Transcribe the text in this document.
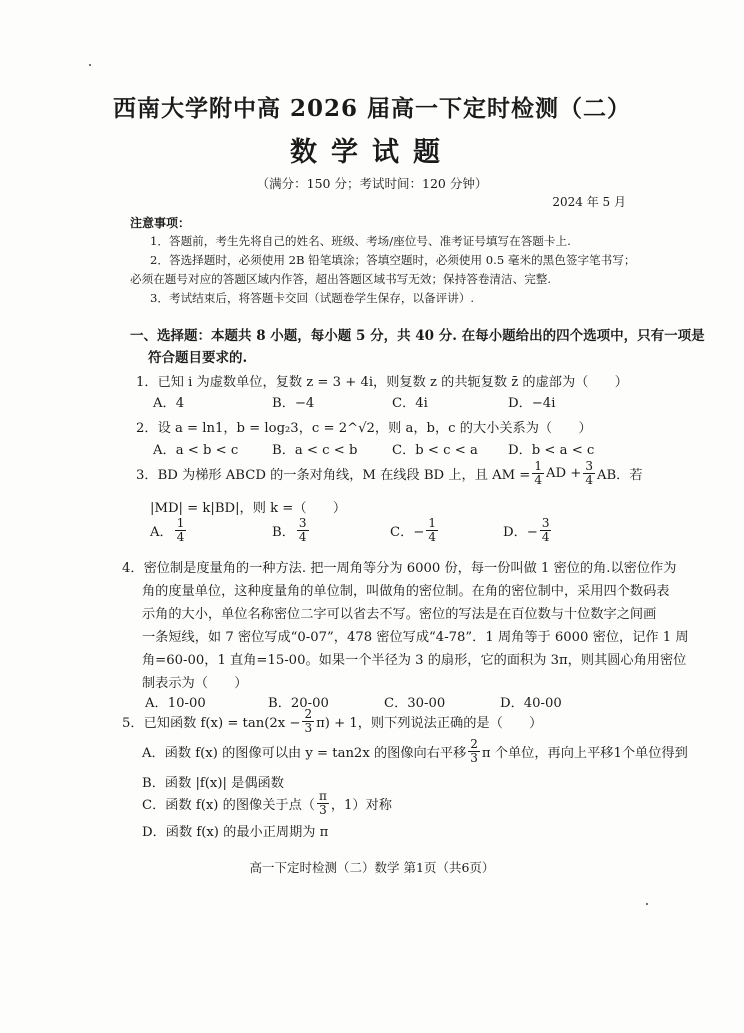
西南大学附中高 2026 届高一下定时检测（二）
数学试题
（满分：150 分；考试时间：120 分钟）
2024 年 5 月
注意事项：
1．答题前，考生先将自己的姓名、班级、考场/座位号、准考证号填写在答题卡上.
2．答选择题时，必须使用 2B 铅笔填涂；答填空题时，必须使用 0.5 毫米的黑色签字笔书写；
必须在题号对应的答题区域内作答，超出答题区域书写无效；保持答卷清洁、完整.
3．考试结束后，将答题卡交回（试题卷学生保存，以备评讲）.
一、选择题：本题共 8 小题，每小题 5 分，共 40 分. 在每小题给出的四个选项中，只有一项是
符合题目要求的.
1．已知 i 为虚数单位，复数 z = 3 + 4i，则复数 z 的共轭复数 z̄ 的虚部为（　　）
A．4	B．−4	C．4i	D．−4i
2．设 a = ln1，b = log₂3，c = 2^√2，则 a，b，c 的大小关系为（　　）
A．a < b < c	B．a < c < b	C．b < c < a D．b < a < c
3．BD 为梯形 ABCD 的一条对角线，M 在线段 BD 上，且 AM = $\frac{1}{4}$ AD + $\frac{3}{4}$ AB．若
|MD| = k|BD|，则 k =（　　）
A． $\frac{1}{4}$	B． $\frac{3}{4}$	C．− $\frac{1}{4}$	D．− $\frac{3}{4}$
4．密位制是度量角的一种方法. 把一周角等分为 6000 份，每一份叫做 1 密位的角.以密位作为
角的度量单位，这种度量角的单位制，叫做角的密位制。在角的密位制中，采用四个数码表
示角的大小，单位名称密位二字可以省去不写。密位的写法是在百位数与十位数字之间画
一条短线，如 7 密位写成“0-07”，478 密位写成“4-78”．1 周角等于 6000 密位，记作 1 周
角=60-00，1 直角=15-00。如果一个半径为 3 的扇形，它的面积为 3π，则其圆心角用密位
制表示为（　　）
A．10-00	B．20-00	C．30-00	D．40-00
5．已知函数 $f(x) = \tan(2x - \frac{2}{3} \pi) + 1$，则下列说法正确的是（　　）
A．函数 f(x) 的图像可以由 y = tan2x 的图像向右平移 $\frac{2}{3}$ π 个单位，再向上平移1个单位得到
B．函数 |f(x)| 是偶函数
C．函数 f(x) 的图像关于点（ $\frac{\pi}{3}$ ，1）对称
D．函数 f(x) 的最小正周期为 π
高一下定时检测（二）数学 第1页（共6页）
